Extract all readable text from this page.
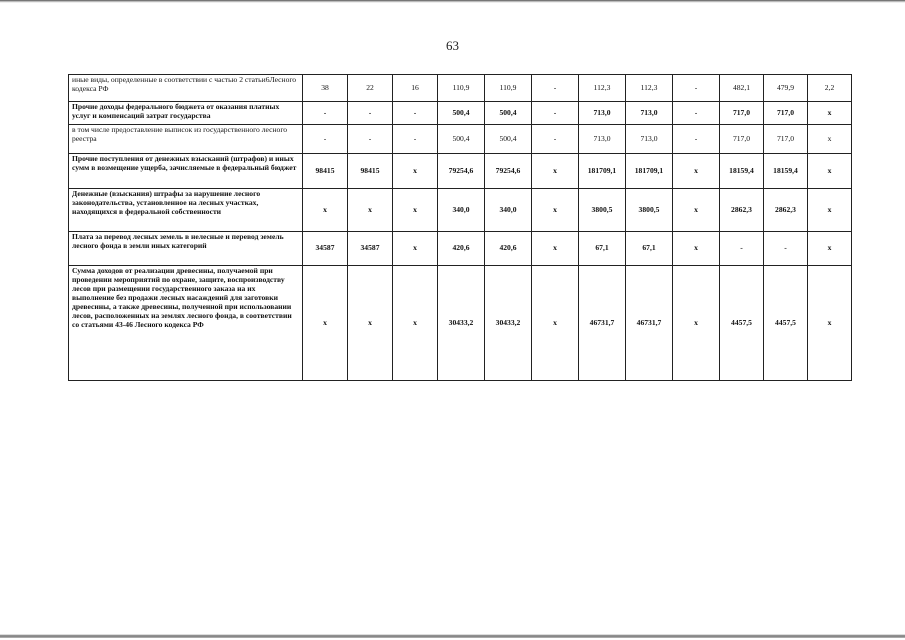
63
иные виды, определенные в соответствии с частью 2 статьи6Лесного кодекса РФ	38	22	16	110,9	110,9	-	112,3	112,3	-	482,1	479,9	2,2
Прочие доходы федерального бюджета от оказания платных услуг и компенсаций затрат государства	-	-	-	500,4	500,4	-	713,0	713,0	-	717,0	717,0	x
в том числе предоставление выписок из государственного лесного реестра	-	-	-	500,4	500,4	-	713,0	713,0	-	717,0	717,0	x
Прочие поступления от денежных взысканий (штрафов) и иных сумм в возмещение ущерба, зачисляемые в федеральный бюджет	98415	98415	x	79254,6	79254,6	x	181709,1	181709,1	x	18159,4	18159,4	x
Денежные (взыскания) штрафы за нарушение лесного законодательства, установленное на лесных участках, находящихся в федеральной собственности	x	x	x	340,0	340,0	x	3800,5	3800,5	x	2862,3	2862,3	x
Плата за перевод лесных земель в нелесные и перевод земель лесного фонда в земли иных категорий	34587	34587	x	420,6	420,6	x	67,1	67,1	x	-	-	x
Сумма доходов от реализации древесины, получаемой при проведении мероприятий по охране, защите, воспроизводству лесов при размещении государственного заказа на их выполнение без продажи лесных насаждений для заготовки древесины, а также древесины, полученной при использовании лесов, расположенных на землях лесного фонда, в соответствии со статьями 43-46 Лесного кодекса РФ	x	x	x	30433,2	30433,2	x	46731,7	46731,7	x	4457,5	4457,5	x
